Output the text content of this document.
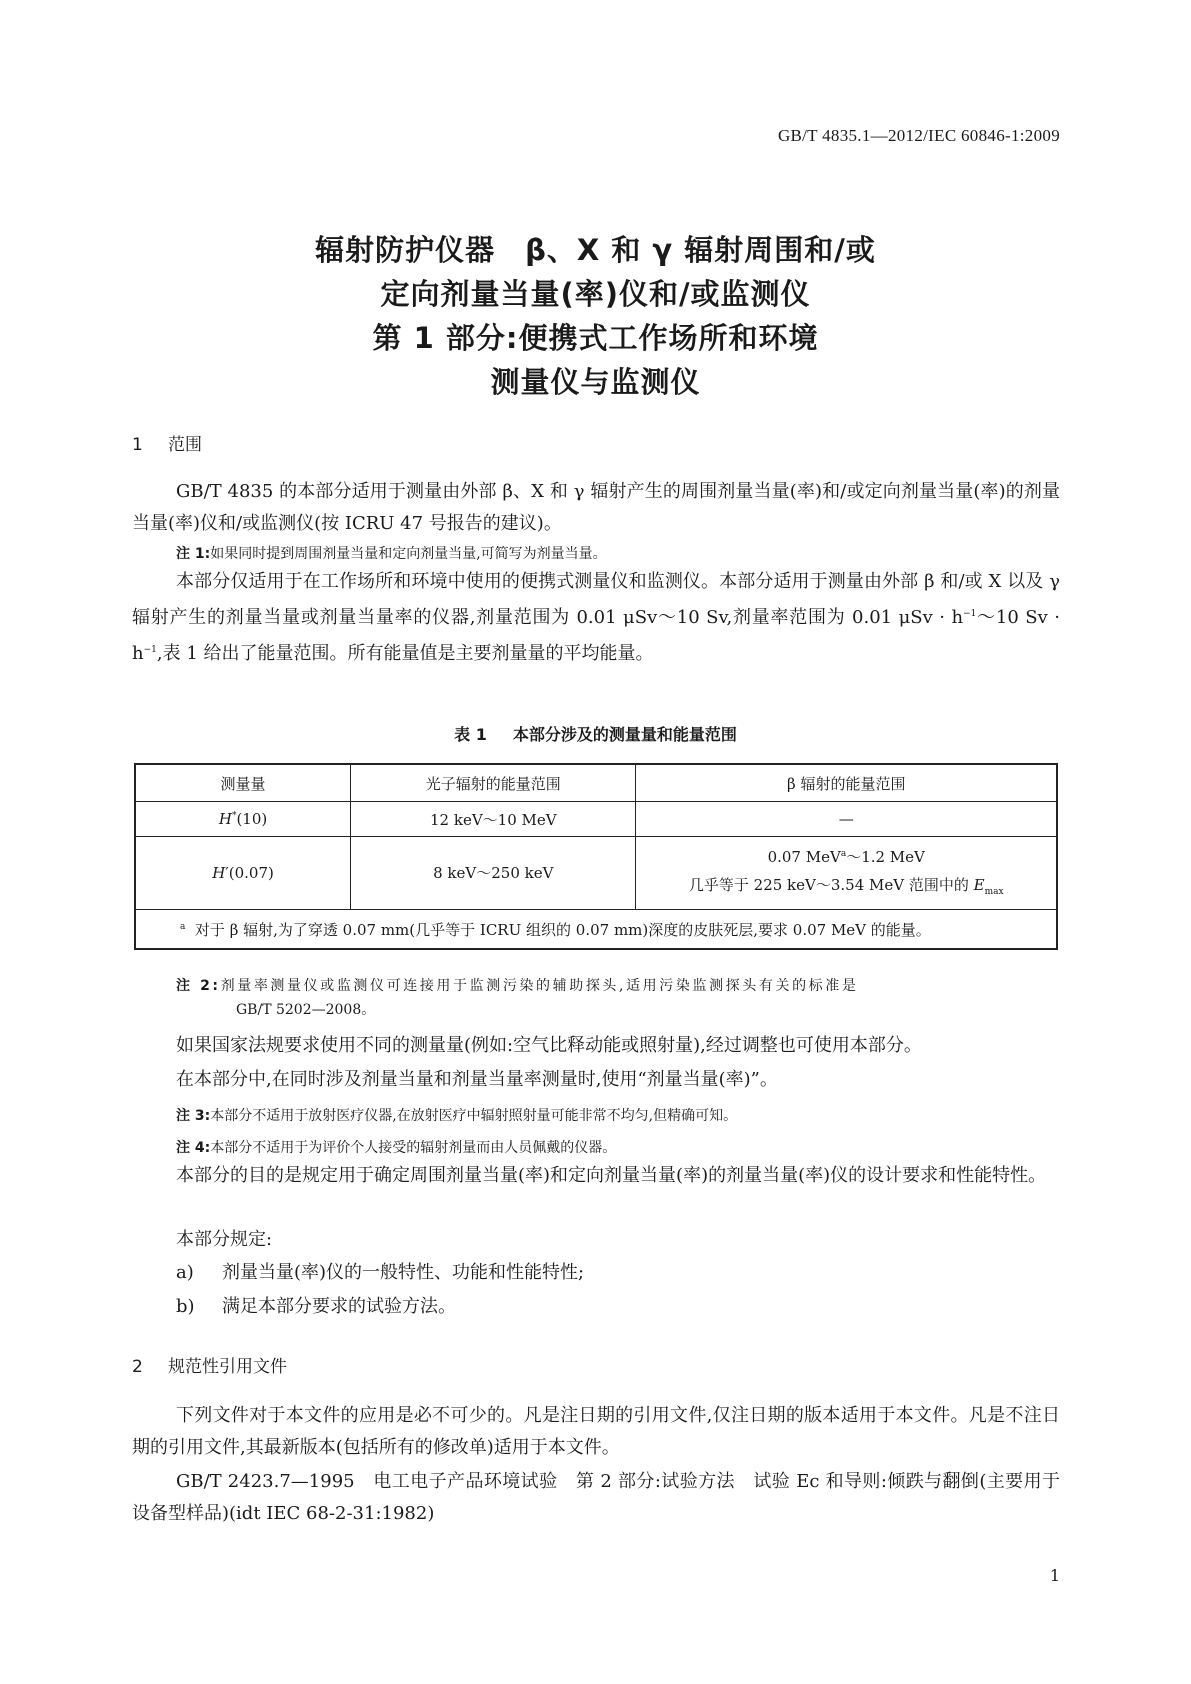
GB/T 4835.1—2012/IEC 60846-1:2009
辐射防护仪器　β、X 和 γ 辐射周围和/或
定向剂量当量(率)仪和/或监测仪
第 1 部分:便携式工作场所和环境
测量仪与监测仪
1 范围
GB/T 4835 的本部分适用于测量由外部 β、X 和 γ 辐射产生的周围剂量当量(率)和/或定向剂量当量(率)的剂量当量(率)仪和/或监测仪(按 ICRU 47 号报告的建议)。
注 1:如果同时提到周围剂量当量和定向剂量当量,可简写为剂量当量。
本部分仅适用于在工作场所和环境中使用的便携式测量仪和监测仪。本部分适用于测量由外部 β 和/或 X 以及 γ 辐射产生的剂量当量或剂量当量率的仪器,剂量范围为 0.01 μSv～10 Sv,剂量率范围为 0.01 $\mu Sv \cdot h^{-1}\sim 10$ $Sv \cdot h^{-1}$,表 1 给出了能量范围。所有能量值是主要剂量量的平均能量。
表 1 本部分涉及的测量量和能量范围
测量量	光子辐射的能量范围	β 辐射的能量范围
H*(10)	12 keV～10 MeV	—
H′(0.07)	8 keV～250 keV	0.07 MeV$^a$～1.2 MeV
几乎等于 225 keV～3.54 MeV 范围中的 $E_{max}$

$^a$ 对于 β 辐射,为了穿透 0.07 mm(几乎等于 ICRU 组织的 0.07 mm)深度的皮肤死层,要求 0.07 MeV 的能量。		
注 2:剂量率测量仪或监测仪可连接用于监测污染的辅助探头,适用污染监测探头有关的标准是
GB/T 5202—2008。
如果国家法规要求使用不同的测量量(例如:空气比释动能或照射量),经过调整也可使用本部分。
在本部分中,在同时涉及剂量当量和剂量当量率测量时,使用“剂量当量(率)”。
注 3:本部分不适用于放射医疗仪器,在放射医疗中辐射照射量可能非常不均匀,但精确可知。
注 4:本部分不适用于为评价个人接受的辐射剂量而由人员佩戴的仪器。
本部分的目的是规定用于确定周围剂量当量(率)和定向剂量当量(率)的剂量当量(率)仪的设计要求和性能特性。
本部分规定:
a) 剂量当量(率)仪的一般特性、功能和性能特性;
b) 满足本部分要求的试验方法。
2 规范性引用文件
下列文件对于本文件的应用是必不可少的。凡是注日期的引用文件,仅注日期的版本适用于本文件。凡是不注日期的引用文件,其最新版本(包括所有的修改单)适用于本文件。
GB/T 2423.7—1995　电工电子产品环境试验　第 2 部分:试验方法　试验 Ec 和导则:倾跌与翻倒(主要用于设备型样品)(idt IEC 68-2-31:1982)
1
